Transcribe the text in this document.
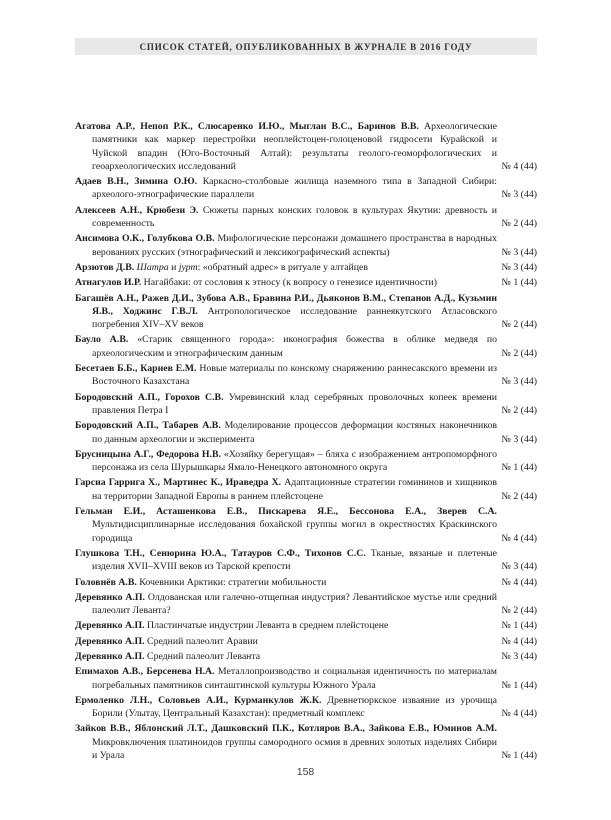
СПИСОК СТАТЕЙ, ОПУБЛИКОВАННЫХ В ЖУРНАЛЕ В 2016 ГОДУ
Агатова А.Р., Непоп Р.К., Слюсаренко И.Ю., Мыглан В.С., Баринов В.В. Археологические памятники как маркер перестройки неоплейстоцен-голоценовой гидросети Курайской и Чуйской впадин (Юго-Восточный Алтай): результаты геолого-геоморфологических и геоархеологических исследований	№ 4 (44)
Адаев В.Н., Зимина О.Ю. Каркасно-столбовые жилища наземного типа в Западной Сибири: археолого-этнографические параллели	№ 3 (44)
Алексеев А.Н., Крюбези Э. Сюжеты парных конских головок в культурах Якутии: древность и современность	№ 2 (44)
Ансимова О.К., Голубкова О.В. Мифологические персонажи домашнего пространства в народных верованиях русских (этнографический и лексикографический аспекты)	№ 3 (44)
Арзютов Д.В. Шатра и jурт: «обратный адрес» в ритуале у алтайцев	№ 3 (44)
Атнагулов И.Р. Нагайбаки: от сословия к этносу (к вопросу о генезисе идентичности)	№ 1 (44)
Багашёв А.Н., Ражев Д.И., Зубова А.В., Бравина Р.И., Дьяконов В.М., Степанов А.Д., Кузьмин Я.В., Ходжинс Г.В.Л. Антропологическое исследование раннеякутского Атласовского погребения XIV–XV веков	№ 2 (44)
Бауло А.В. «Старик священного города»: иконография божества в облике медведя по археологическим и этнографическим данным	№ 2 (44)
Бесетаев Б.Б., Кариев Е.М. Новые материалы по конскому снаряжению раннесакского времени из Восточного Казахстана	№ 3 (44)
Бородовский А.П., Горохов С.В. Умревинский клад серебряных проволочных копеек времени правления Петра I	№ 2 (44)
Бородовский А.П., Табарев А.В. Моделирование процессов деформации костяных наконечников по данным археологии и эксперимента	№ 3 (44)
Брусницына А.Г., Федорова Н.В. «Хозяйку берегущая» – бляха с изображением антропоморфного персонажа из села Шурышкары Ямало-Ненецкого автономного округа	№ 1 (44)
Гарсиа Гаррига Х., Мартинес К., Ираведра Х. Адаптационные стратегии гомининов и хищников на территории Западной Европы в раннем плейстоцене	№ 2 (44)
Гельман Е.И., Асташенкова Е.В., Пискарева Я.Е., Бессонова Е.А., Зверев С.А. Мультидисциплинарные исследования бохайской группы могил в окрестностях Краскинского городища	№ 4 (44)
Глушкова Т.Н., Сенюрина Ю.А., Татауров С.Ф., Тихонов С.С. Тканые, вязаные и плетеные изделия XVII–XVIII веков из Тарской крепости	№ 3 (44)
Головнёв А.В. Кочевники Арктики: стратегии мобильности	№ 4 (44)
Деревянко А.П. Олдованская или галечно-отщепная индустрия? Левантийское мустье или средний палеолит Леванта?	№ 2 (44)
Деревянко А.П. Пластинчатые индустрии Леванта в среднем плейстоцене	№ 1 (44)
Деревянко А.П. Средний палеолит Аравии	№ 4 (44)
Деревянко А.П. Средний палеолит Леванта	№ 3 (44)
Епимахов А.В., Берсенева Н.А. Металлопроизводство и социальная идентичность по материалам погребальных памятников синташтинской культуры Южного Урала	№ 1 (44)
Ермоленко Л.Н., Соловьев А.И., Курманкулов Ж.К. Древнетюркское изваяние из урочища Борили (Улытау, Центральный Казахстан): предметный комплекс	№ 4 (44)
Зайков В.В., Яблонский Л.Т., Дашковский П.К., Котляров В.А., Зайкова Е.В., Юминов А.М. Микровключения платиноидов группы самородного осмия в древних золотых изделиях Сибири и Урала	№ 1 (44)
158
